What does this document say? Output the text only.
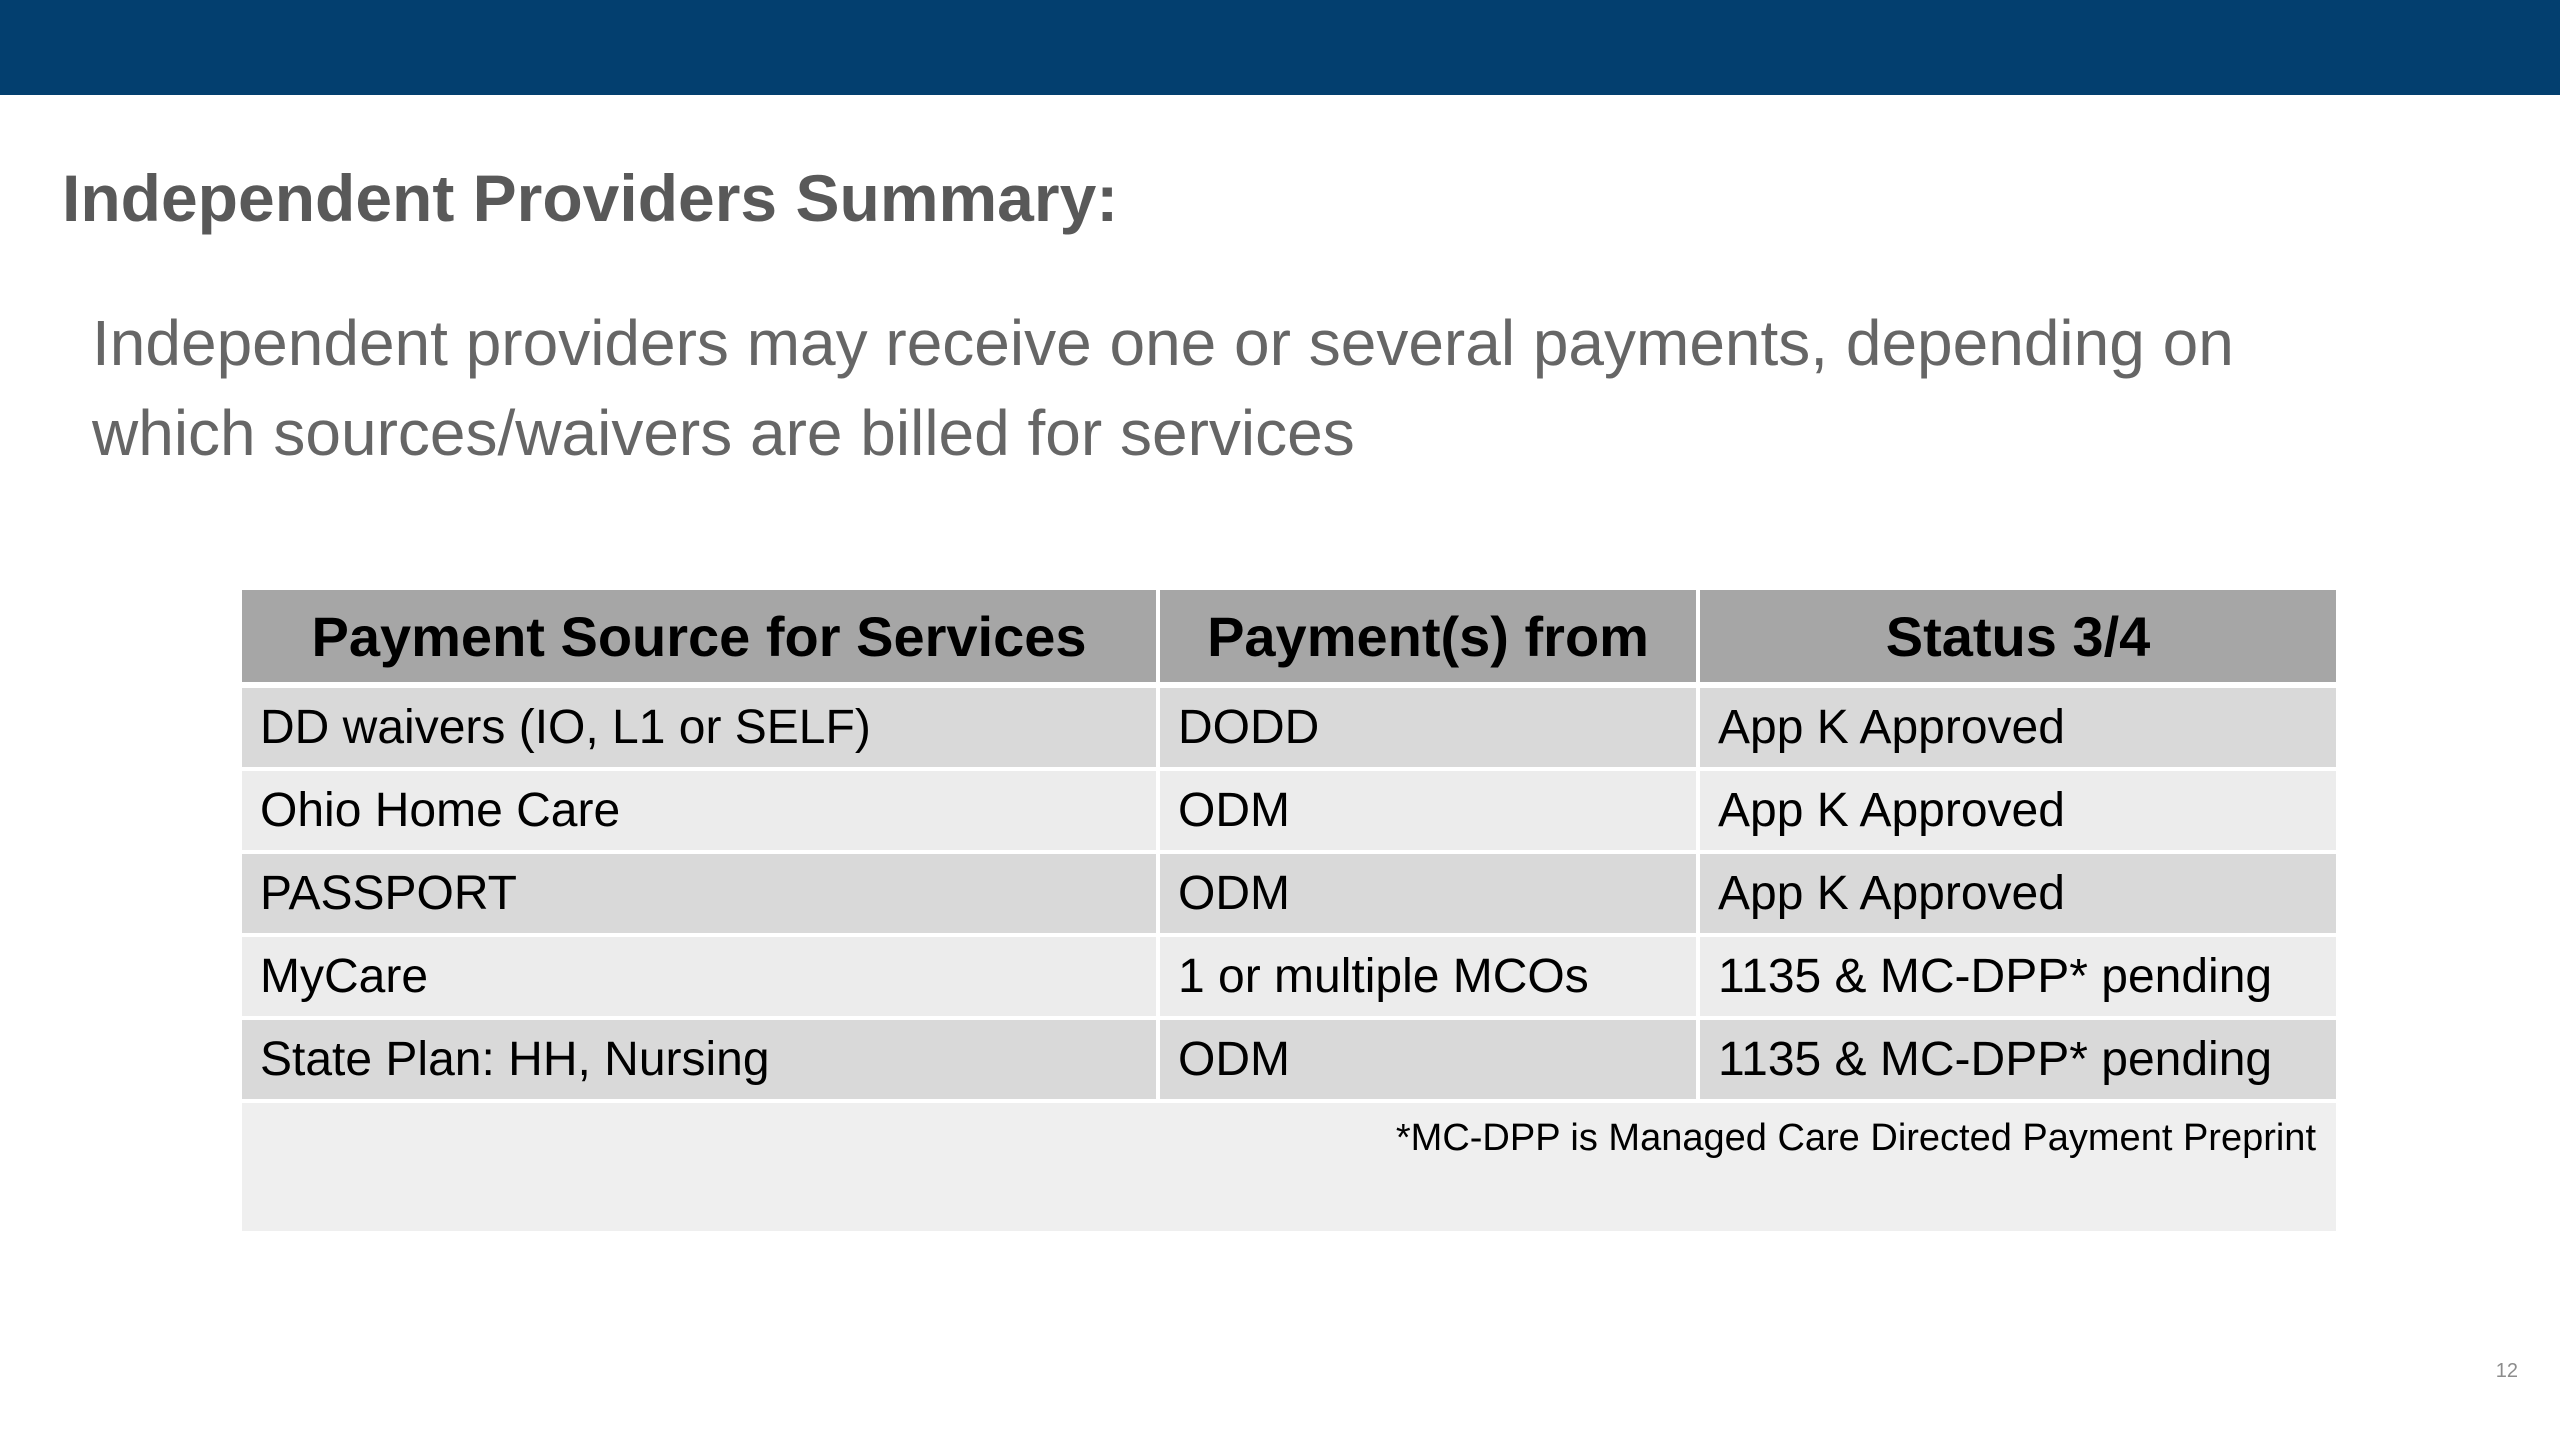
Independent Providers Summary:
Independent providers may receive one or several payments, depending on which sources/waivers are billed for services
Payment Source for Services	Payment(s) from	Status 3/4
DD waivers (IO, L1 or SELF)	DODD	App K Approved
Ohio Home Care	ODM	App K Approved
PASSPORT	ODM	App K Approved
MyCare	1 or multiple MCOs	1135 & MC-DPP* pending
State Plan: HH, Nursing	ODM	1135 & MC-DPP* pending
*MC-DPP is Managed Care Directed Payment Preprint
12
